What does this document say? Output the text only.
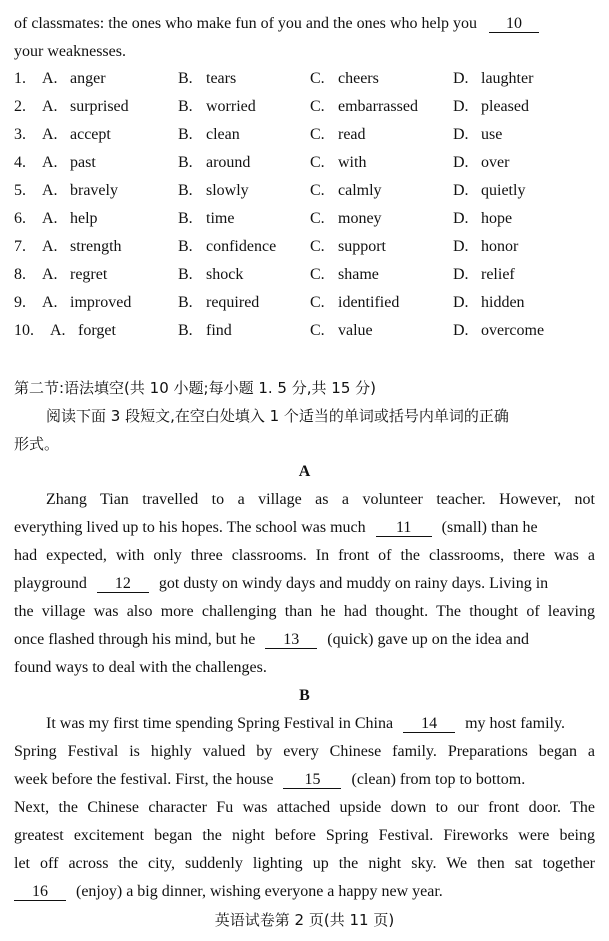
of classmates: the ones who make fun of you and the ones who help you 10
your weaknesses.
1. A. anger	B. tears	C. cheers	D. laughter
2. A. surprised	B. worried	C. embarrassed D. pleased
3. A. accept	B. clean	C. read	D. use
4. A. past	B. around	C. with	D. over
5. A. bravely	B. slowly	C. calmly	D. quietly
6. A. help	B. time	C. money	D. hope
7. A. strength	B. confidence C. support	D. honor
8. A. regret	B. shock	C. shame	D. relief
9. A. improved	B. required	C. identified	D. hidden
10. A. forget	B. find	C. value	D. overcome
第二节:语法填空(共 10 小题;每小题 1. 5 分,共 15 分)
阅读下面 3 段短文,在空白处填入 1 个适当的单词或括号内单词的正确
形式。
A
Zhang Tian travelled to a village as a volunteer teacher. However, not
everything lived up to his hopes. The school was much 11 (small) than he
had expected, with only three classrooms. In front of the classrooms, there was a
playground 12 got dusty on windy days and muddy on rainy days. Living in
the village was also more challenging than he had thought. The thought of leaving
once flashed through his mind, but he 13 (quick) gave up on the idea and
found ways to deal with the challenges.
B
It was my first time spending Spring Festival in China 14 my host family.
Spring Festival is highly valued by every Chinese family. Preparations began a
week before the festival. First, the house 15 (clean) from top to bottom.
Next, the Chinese character Fu was attached upside down to our front door. The
greatest excitement began the night before Spring Festival. Fireworks were being
let off across the city, suddenly lighting up the night sky. We then sat together
16 (enjoy) a big dinner, wishing everyone a happy new year.
英语试卷第 2 页(共 11 页)
